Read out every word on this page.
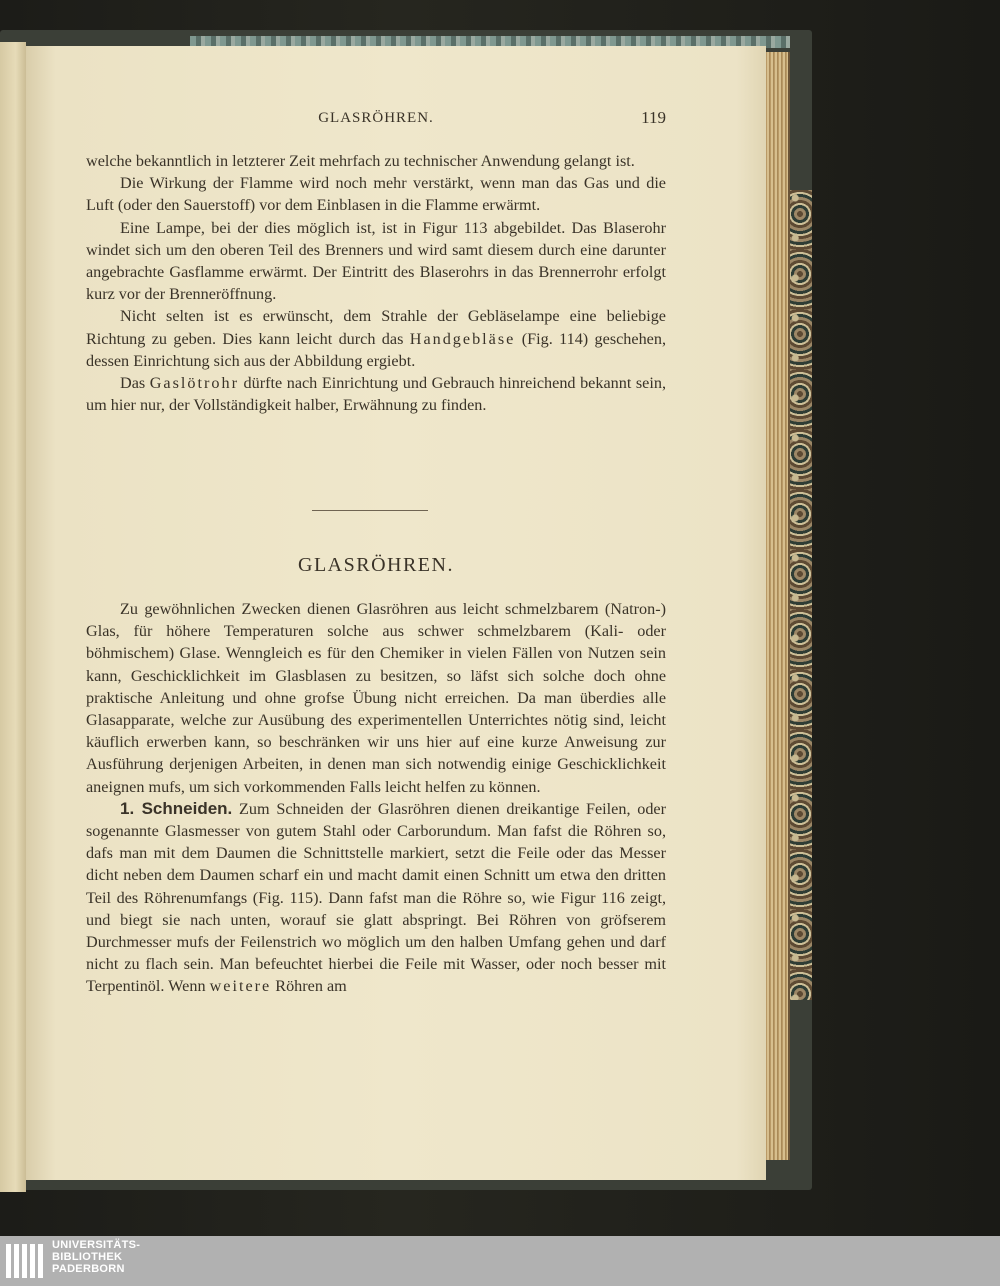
GLASRÖHREN.	119

welche bekanntlich in letzterer Zeit mehrfach zu technischer Anwendung gelangt ist.

Die Wirkung der Flamme wird noch mehr verstärkt, wenn man das Gas und die Luft (oder den Sauerstoff) vor dem Einblasen in die Flamme erwärmt.

Eine Lampe, bei der dies möglich ist, ist in Figur 113 abgebildet. Das Blaserohr windet sich um den oberen Teil des Brenners und wird samt diesem durch eine darunter angebrachte Gasflamme erwärmt. Der Eintritt des Blaserohrs in das Brennerrohr erfolgt kurz vor der Brenneröffnung.

Nicht selten ist es erwünscht, dem Strahle der Gebläselampe eine beliebige Richtung zu geben. Dies kann leicht durch das Handgebläse (Fig. 114) geschehen, dessen Einrichtung sich aus der Abbildung ergiebt.

Das Gaslötrohr dürfte nach Einrichtung und Gebrauch hinreichend bekannt sein, um hier nur, der Vollständigkeit halber, Erwähnung zu finden.

GLASRÖHREN.

Zu gewöhnlichen Zwecken dienen Glasröhren aus leicht schmelzbarem (Natron-) Glas, für höhere Temperaturen solche aus schwer schmelzbarem (Kali- oder böhmischem) Glase. Wenngleich es für den Chemiker in vielen Fällen von Nutzen sein kann, Geschicklichkeit im Glasblasen zu besitzen, so läfst sich solche doch ohne praktische Anleitung und ohne grofse Übung nicht erreichen. Da man überdies alle Glasapparate, welche zur Ausübung des experimentellen Unterrichtes nötig sind, leicht käuflich erwerben kann, so beschränken wir uns hier auf eine kurze Anweisung zur Ausführung derjenigen Arbeiten, in denen man sich notwendig einige Geschicklichkeit aneignen mufs, um sich vorkommenden Falls leicht helfen zu können.

1. Schneiden. Zum Schneiden der Glasröhren dienen dreikantige Feilen, oder sogenannte Glasmesser von gutem Stahl oder Carborundum. Man fafst die Röhren so, dafs man mit dem Daumen die Schnittstelle markiert, setzt die Feile oder das Messer dicht neben dem Daumen scharf ein und macht damit einen Schnitt um etwa den dritten Teil des Röhrenumfangs (Fig. 115). Dann fafst man die Röhre so, wie Figur 116 zeigt, und biegt sie nach unten, worauf sie glatt abspringt. Bei Röhren von gröfserem Durchmesser mufs der Feilenstrich wo möglich um den halben Umfang gehen und darf nicht zu flach sein. Man befeuchtet hierbei die Feile mit Wasser, oder noch besser mit Terpentinöl. Wenn weitere Röhren am

UNIVERSITÄTS-
BIBLIOTHEK
PADERBORN
